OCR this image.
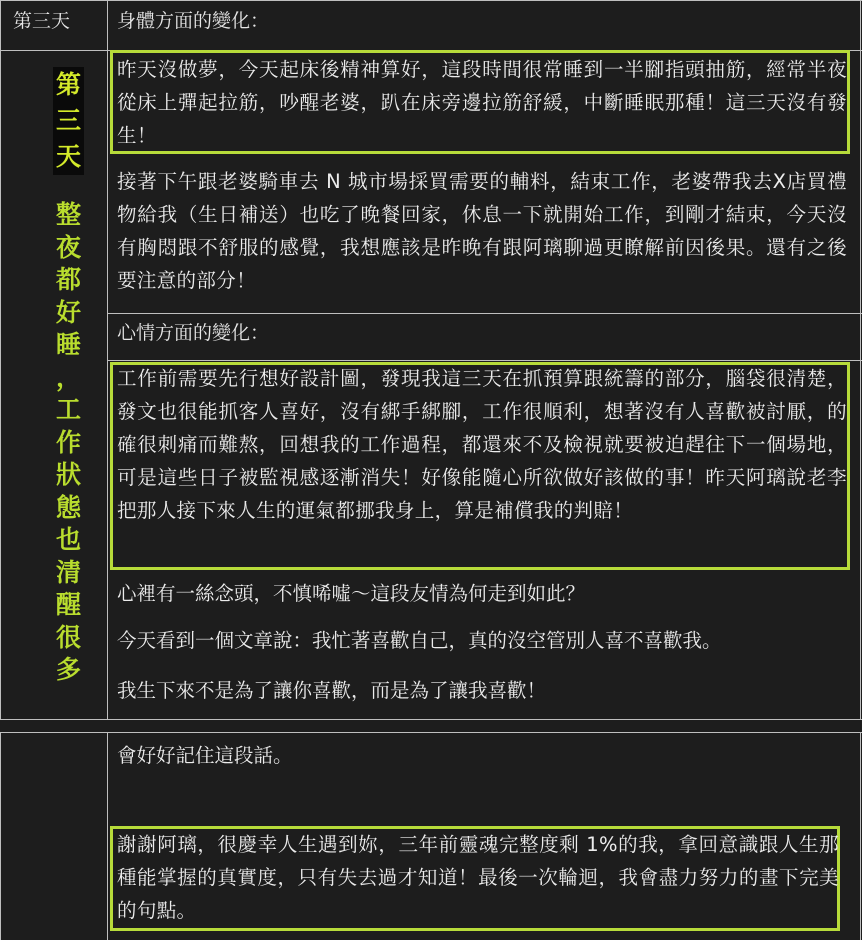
第三天
第
三
天
整
夜
都
好
睡
，
工
作
狀
態
也
清
醒
很
多
身體方面的變化：
昨天沒做夢，今天起床後精神算好，這段時間很常睡到一半腳指頭抽筋，經常半夜從床上彈起拉筋，吵醒老婆，趴在床旁邊拉筋舒緩，中斷睡眠那種！這三天沒有發生！
接著下午跟老婆騎車去 N 城市場採買需要的輔料，結束工作，老婆帶我去X店買禮物給我（生日補送）也吃了晚餐回家，休息一下就開始工作，到剛才結束，今天沒有胸悶跟不舒服的感覺，我想應該是昨晚有跟阿璃聊過更瞭解前因後果。還有之後要注意的部分！
心情方面的變化：
工作前需要先行想好設計圖，發現我這三天在抓預算跟統籌的部分，腦袋很清楚，發文也很能抓客人喜好，沒有綁手綁腳，工作很順利，想著沒有人喜歡被討厭，的確很刺痛而難熬，回想我的工作過程，都還來不及檢視就要被迫趕往下一個場地，可是這些日子被監視感逐漸消失！好像能隨心所欲做好該做的事！昨天阿璃說老李把那人接下來人生的運氣都挪我身上，算是補償我的判賠！
心裡有一絲念頭，不慎唏噓～這段友情為何走到如此？
今天看到一個文章說：我忙著喜歡自己，真的沒空管別人喜不喜歡我。
我生下來不是為了讓你喜歡，而是為了讓我喜歡！
會好好記住這段話。
謝謝阿璃，很慶幸人生遇到妳，三年前靈魂完整度剩 1%的我，拿回意識跟人生那種能掌握的真實度，只有失去過才知道！最後一次輪迴，我會盡力努力的畫下完美的句點。
